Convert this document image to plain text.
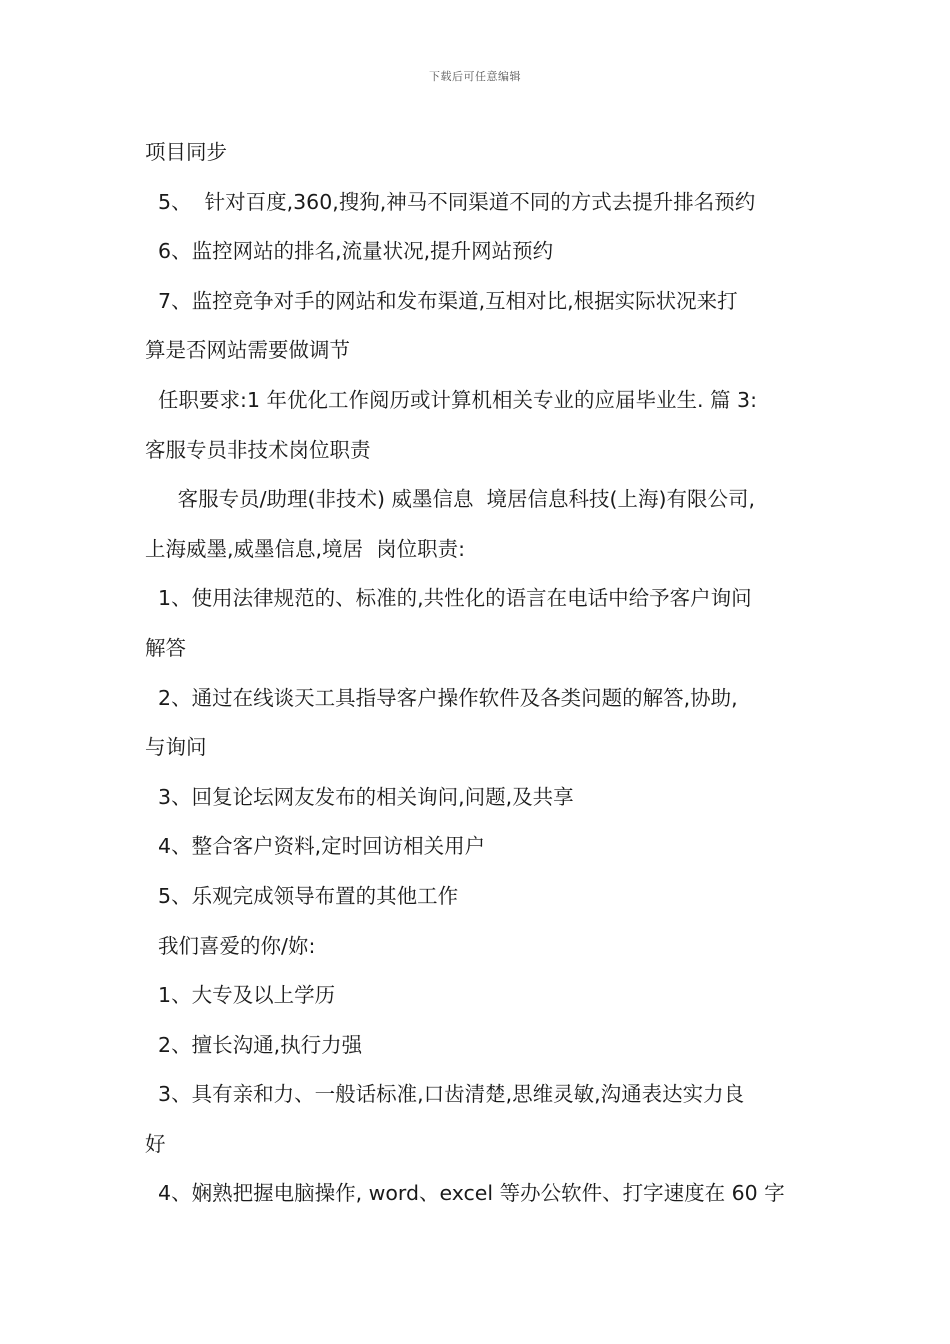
下载后可任意编辑
项目同步
5、  针对百度,360,搜狗,神马不同渠道不同的方式去提升排名预约
6、监控网站的排名,流量状况,提升网站预约
7、监控竞争对手的网站和发布渠道,互相对比,根据实际状况来打
算是否网站需要做调节
任职要求:1 年优化工作阅历或计算机相关专业的应届毕业生. 篇 3:
客服专员非技术岗位职责
客服专员/助理(非技术) 威墨信息  境居信息科技(上海)有限公司,
上海威墨,威墨信息,境居  岗位职责:
1、使用法律规范的、标准的,共性化的语言在电话中给予客户询问
解答
2、通过在线谈天工具指导客户操作软件及各类问题的解答,协助,
与询问
3、回复论坛网友发布的相关询问,问题,及共享
4、整合客户资料,定时回访相关用户
5、乐观完成领导布置的其他工作
我们喜爱的你/妳:
1、大专及以上学历
2、擅长沟通,执行力强
3、具有亲和力、一般话标准,口齿清楚,思维灵敏,沟通表达实力良
好
4、娴熟把握电脑操作, word、excel 等办公软件、打字速度在 60 字
